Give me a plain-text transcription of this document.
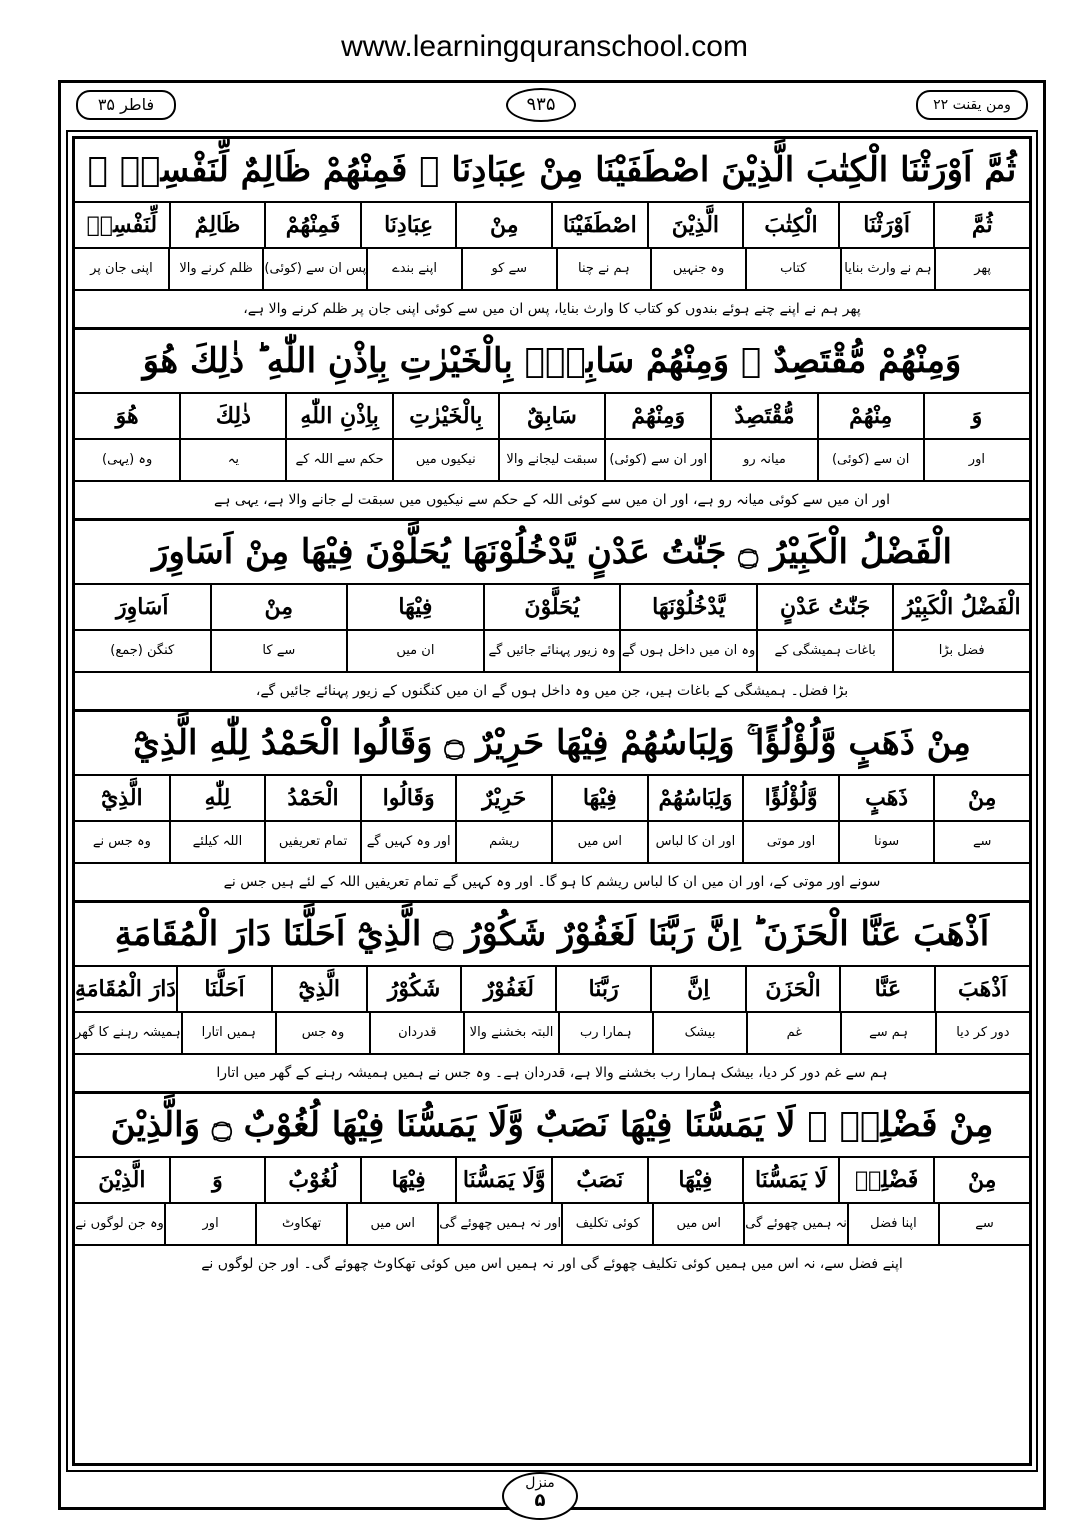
www.learningquranschool.com
فاطر ۳۵	۹۳۵	ومن یقنت ۲۲
ثُمَّ اَوْرَثْنَا الْكِتٰبَ الَّذِيْنَ اصْطَفَيْنَا مِنْ عِبَادِنَا ۚ فَمِنْهُمْ ظَالِمٌ لِّنَفْسِهٖ ۚ
ثُمَّ
اَوْرَثْنَا
الْكِتٰبَ
الَّذِيْنَ
اصْطَفَيْنَا
مِنْ
عِبَادِنَا
فَمِنْهُمْ
ظَالِمٌ
لِّنَفْسِهٖ
پھر
ہم نے وارث بنایا
کتاب
وہ جنہیں
ہم نے چنا
سے کو
اپنے بندے
پس ان سے (کوئی)
ظلم کرنے والا
اپنی جان پر
پھر ہم نے اپنے چنے ہوئے بندوں کو کتاب کا وارث بنایا، پس ان میں سے کوئی اپنی جان پر ظلم کرنے والا ہے،
وَمِنْهُمْ مُّقْتَصِدٌ ۚ وَمِنْهُمْ سَابِقٌۢ بِالْخَيْرٰتِ بِاِذْنِ اللّٰهِ ؕ ذٰلِكَ هُوَ
وَ
مِنْهُمْ
مُّقْتَصِدٌ
وَمِنْهُمْ
سَابِقٌ
بِالْخَيْرٰتِ
بِاِذْنِ اللّٰهِ
ذٰلِكَ
هُوَ
اور
ان سے (کوئی)
میانہ رو
اور ان سے (کوئی)
سبقت لیجانے والا
نیکیوں میں
حکم سے اللہ کے
یہ
وہ (یہی)
اور ان میں سے کوئی میانہ رو ہے، اور ان میں سے کوئی اللہ کے حکم سے نیکیوں میں سبقت لے جانے والا ہے، یہی ہے
الْفَضْلُ الْكَبِيْرُ ۝ جَنّٰتُ عَدْنٍ يَّدْخُلُوْنَهَا يُحَلَّوْنَ فِيْهَا مِنْ اَسَاوِرَ
الْفَضْلُ الْكَبِيْرُ
جَنّٰتُ عَدْنٍ
يَّدْخُلُوْنَهَا
يُحَلَّوْنَ
فِيْهَا
مِنْ
اَسَاوِرَ
فضل بڑا
باغات ہمیشگی کے
وہ ان میں داخل ہوں گے
وہ زیور پہنائے جائیں گے
ان میں
سے کا
کنگن (جمع)
بڑا فضل۔ ہمیشگی کے باغات ہیں، جن میں وہ داخل ہوں گے ان میں کنگنوں کے زیور پہنائے جائیں گے،
مِنْ ذَهَبٍ وَّلُؤْلُؤًا ۚ وَلِبَاسُهُمْ فِيْهَا حَرِيْرٌ ۝ وَقَالُوا الْحَمْدُ لِلّٰهِ الَّذِيْٓ
مِنْ
ذَهَبٍ
وَّلُؤْلُؤًا
وَلِبَاسُهُمْ
فِيْهَا
حَرِيْرٌ
وَقَالُوا
الْحَمْدُ
لِلّٰهِ
الَّذِيْٓ
سے
سونا
اور موتی
اور ان کا لباس
اس میں
ریشم
اور وہ کہیں گے
تمام تعریفیں
اللہ کیلئے
وہ جس نے
سونے اور موتی کے، اور ان میں ان کا لباس ریشم کا ہو گا۔ اور وہ کہیں گے تمام تعریفیں اللہ کے لئے ہیں جس نے
اَذْهَبَ عَنَّا الْحَزَنَ ؕ اِنَّ رَبَّنَا لَغَفُوْرٌ شَكُوْرُ ۝ الَّذِيْٓ اَحَلَّنَا دَارَ الْمُقَامَةِ
اَذْهَبَ
عَنَّا
الْحَزَنَ
اِنَّ
رَبَّنَا
لَغَفُوْرٌ
شَكُوْرُ
الَّذِيْٓ
اَحَلَّنَا
دَارَ الْمُقَامَةِ
دور کر دیا
ہم سے
غم
بیشک
ہمارا رب
البتہ بخشنے والا
قدردان
وہ جس
ہمیں اتارا
ہمیشہ رہنے کا گھر
ہم سے غم دور کر دیا، بیشک ہمارا رب بخشنے والا ہے، قدردان ہے۔ وہ جس نے ہمیں ہمیشہ رہنے کے گھر میں اتارا
مِنْ فَضْلِهٖ ۚ لَا يَمَسُّنَا فِيْهَا نَصَبٌ وَّلَا يَمَسُّنَا فِيْهَا لُغُوْبٌ ۝ وَالَّذِيْنَ
مِنْ
فَضْلِهٖ
لَا يَمَسُّنَا
فِيْهَا
نَصَبٌ
وَّلَا يَمَسُّنَا
فِيْهَا
لُغُوْبٌ
وَ
الَّذِيْنَ
سے
اپنا فضل
نہ ہمیں چھوئے گی
اس میں
کوئی تکلیف
اور نہ ہمیں چھوئے گی
اس میں
تھکاوٹ
اور
وہ جن لوگوں نے
اپنے فضل سے، نہ اس میں ہمیں کوئی تکلیف چھوئے گی اور نہ ہمیں اس میں کوئی تھکاوٹ چھوئے گی۔ اور جن لوگوں نے
منزل
۵
